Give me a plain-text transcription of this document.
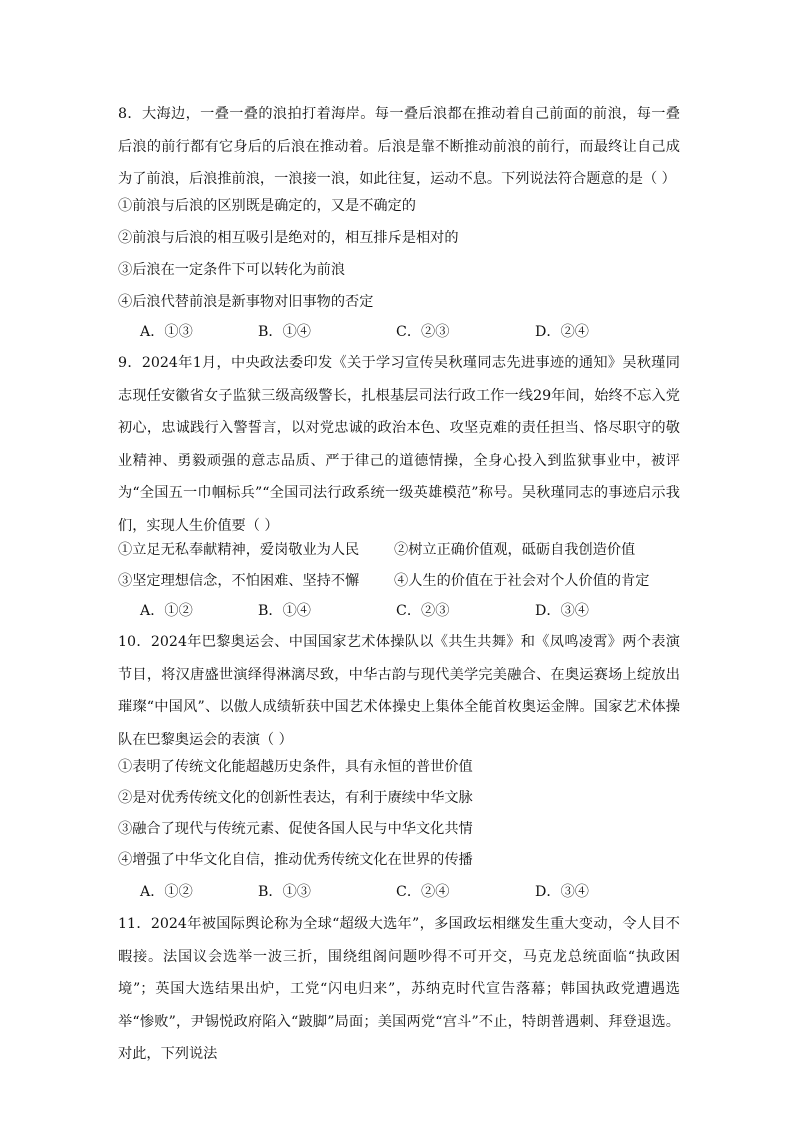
8．大海边，一叠一叠的浪拍打着海岸。每一叠后浪都在推动着自己前面的前浪，每一叠后浪的前行都有它身后的后浪在推动着。后浪是靠不断推动前浪的前行，而最终让自己成为了前浪，后浪推前浪，一浪接一浪，如此往复，运动不息。下列说法符合题意的是（ ）

①前浪与后浪的区别既是确定的，又是不确定的

②前浪与后浪的相互吸引是绝对的，相互排斥是相对的

③后浪在一定条件下可以转化为前浪

④后浪代替前浪是新事物对旧事物的否定

A．①③	B．①④	C．②③	D．②④

9．2024年1月，中央政法委印发《关于学习宣传吴秋瑾同志先进事迹的通知》吴秋瑾同志现任安徽省女子监狱三级高级警长，扎根基层司法行政工作一线29年间，始终不忘入党初心，忠诚践行入警誓言，以对党忠诚的政治本色、攻坚克难的责任担当、恪尽职守的敬业精神、勇毅顽强的意志品质、严于律己的道德情操，全身心投入到监狱事业中，被评为“全国五一巾帼标兵”“全国司法行政系统一级英雄模范”称号。吴秋瑾同志的事迹启示我们，实现人生价值要（ ）

①立足无私奉献精神，爱岗敬业为人民 ②树立正确价值观，砥砺自我创造价值
③坚定理想信念，不怕困难、坚持不懈 ④人生的价值在于社会对个人价值的肯定
A．①②	B．①④	C．②③	D．③④

10．2024年巴黎奥运会、中国国家艺术体操队以《共生共舞》和《凤鸣凌霄》两个表演节目，将汉唐盛世演绎得淋漓尽致，中华古韵与现代美学完美融合、在奥运赛场上绽放出璀璨“中国风”、以傲人成绩斩获中国艺术体操史上集体全能首枚奥运金牌。国家艺术体操队在巴黎奥运会的表演（ ）

①表明了传统文化能超越历史条件，具有永恒的普世价值

②是对优秀传统文化的创新性表达，有利于赓续中华文脉

③融合了现代与传统元素、促使各国人民与中华文化共情

④增强了中华文化自信，推动优秀传统文化在世界的传播

A．①②	B．①③	C．②④	D．③④

11．2024年被国际舆论称为全球“超级大选年”，多国政坛相继发生重大变动，令人目不暇接。法国议会选举一波三折，围绕组阁问题吵得不可开交，马克龙总统面临“执政困境”；英国大选结果出炉，工党“闪电归来”，苏纳克时代宣告落幕；韩国执政党遭遇选举“惨败”，尹锡悦政府陷入“跛脚”局面；美国两党“宫斗”不止，特朗普遇刺、拜登退选。对此，下列说法
